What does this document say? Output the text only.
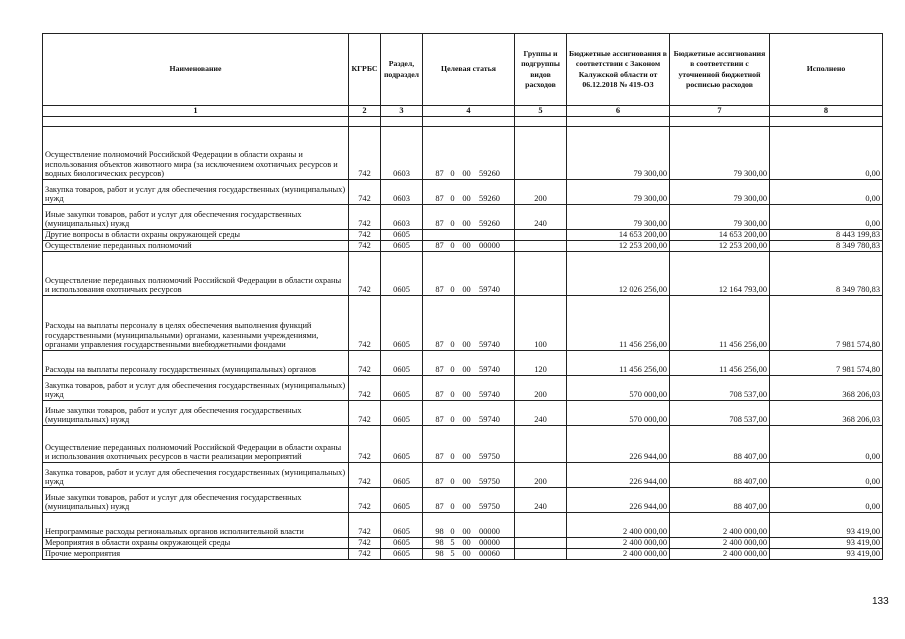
Наименование	КГРБС	Раздел, подраздел	Целевая статья	Группы и подгруппы видов расходов	Бюджетные ассигнования в соответствии с Законом Калужской области от 06.12.2018 № 419-ОЗ	Бюджетные ассигнования в соответствии с уточненной бюджетной росписью расходов	Исполнено
1	2	3	4	5	6	7	8

Осуществление полномочий Российской Федерации в области охраны и использования объектов животного мира (за исключением охотничьих ресурсов и водных биологических ресурсов)	742	0603	87 0 00 59260		79 300,00	79 300,00	0,00
Закупка товаров, работ и услуг для обеспечения государственных (муниципальных) нужд	742	0603	87 0 00 59260	200	79 300,00	79 300,00	0,00
Иные закупки товаров, работ и услуг для обеспечения государственных (муниципальных) нужд	742	0603	87 0 00 59260	240	79 300,00	79 300,00	0,00
Другие вопросы в области охраны окружающей среды	742	0605			14 653 200,00	14 653 200,00	8 443 199,83
Осуществление переданных полномочий	742	0605	87 0 00 00000		12 253 200,00	12 253 200,00	8 349 780,83
Осуществление переданных полномочий Российской Федерации в области охраны и использования охотничьих ресурсов	742	0605	87 0 00 59740		12 026 256,00	12 164 793,00	8 349 780,83
Расходы на выплаты персоналу в целях обеспечения выполнения функций государственными (муниципальными) органами, казенными учреждениями, органами управления государственными внебюджетными фондами	742	0605	87 0 00 59740	100	11 456 256,00	11 456 256,00	7 981 574,80
Расходы на выплаты персоналу государственных (муниципальных) органов	742	0605	87 0 00 59740	120	11 456 256,00	11 456 256,00	7 981 574,80
Закупка товаров, работ и услуг для обеспечения государственных (муниципальных) нужд	742	0605	87 0 00 59740	200	570 000,00	708 537,00	368 206,03
Иные закупки товаров, работ и услуг для обеспечения государственных (муниципальных) нужд	742	0605	87 0 00 59740	240	570 000,00	708 537,00	368 206,03
Осуществление переданных полномочий Российской Федерации в области охраны и использования охотничьих ресурсов в части реализации мероприятий	742	0605	87 0 00 59750		226 944,00	88 407,00	0,00
Закупка товаров, работ и услуг для обеспечения государственных (муниципальных) нужд	742	0605	87 0 00 59750	200	226 944,00	88 407,00	0,00
Иные закупки товаров, работ и услуг для обеспечения государственных (муниципальных) нужд	742	0605	87 0 00 59750	240	226 944,00	88 407,00	0,00
Непрограммные расходы региональных органов исполнительной власти	742	0605	98 0 00 00000		2 400 000,00	2 400 000,00	93 419,00
Мероприятия в области охраны окружающей среды	742	0605	98 5 00 00000		2 400 000,00	2 400 000,00	93 419,00
Прочие мероприятия	742	0605	98 5 00 00060		2 400 000,00	2 400 000,00	93 419,00
133
